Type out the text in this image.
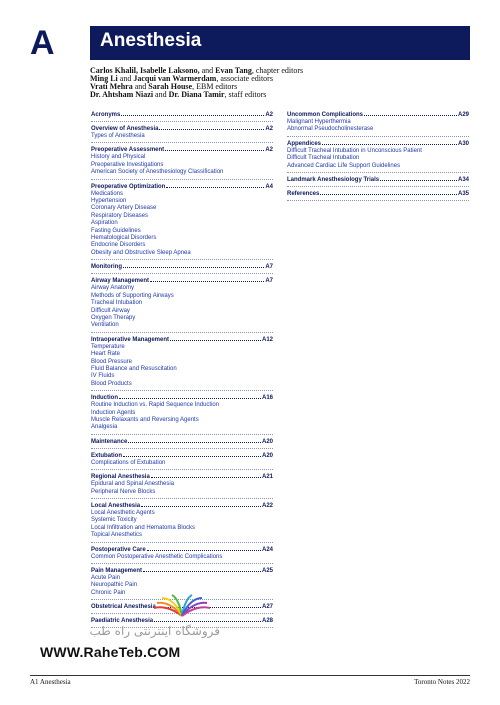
A	Anesthesia
Carlos Khalil, Isabelle Laksono, and Evan Tang, chapter editors
Ming Li and Jacqui van Warmerdam, associate editors
Vrati Mehra and Sarah House, EBM editors
Dr. Ahtsham Niazi and Dr. Diana Tamir, staff editors
Acronyms	A2
Overview of Anesthesia	A2
Types of Anesthesia
Preoperative Assessment	A2
History and Physical
Preoperative Investigations
American Society of Anesthesiology Classification
Preoperative Optimization	A4
Medications
Hypertension
Coronary Artery Disease
Respiratory Diseases
Aspiration
Fasting Guidelines
Hematological Disorders
Endocrine Disorders
Obesity and Obstructive Sleep Apnea
Monitoring	A7
Airway Management	A7
Airway Anatomy
Methods of Supporting Airways
Tracheal Intubation
Difficult Airway
Oxygen Therapy
Ventilation
Intraoperative Management	A12
Temperature
Heart Rate
Blood Pressure
Fluid Balance and Resuscitation
IV Fluids
Blood Products
Induction	A16
Routine Induction vs. Rapid Sequence Induction
Induction Agents
Muscle Relaxants and Reversing Agents
Analgesia
Maintenance	A20
Extubation	A20
Complications of Extubation
Regional Anesthesia	A21
Epidural and Spinal Anesthesia
Peripheral Nerve Blocks
Local Anesthesia	A22
Local Anesthetic Agents
Systemic Toxicity
Local Infiltration and Hematoma Blocks
Topical Anesthetics
Postoperative Care	A24
Common Postoperative Anesthetic Complications
Pain Management	A25
Acute Pain
Neuropathic Pain
Chronic Pain
Obstetrical Anesthesia	A27
Paediatric Anesthesia	A28
Uncommon Complications	A29
Malignant Hyperthermia
Abnormal Pseudocholinesterase
Appendices	A30
Difficult Tracheal Intubation in Unconscious Patient
Difficult Tracheal Intubation
Advanced Cardiac Life Support Guidelines
Landmark Anesthesiology Trials	A34
References	A35
فروشگاه اینترنتی راه طب
WWW.RaheTeb.COM
A1 Anesthesia	Toronto Notes 2022
